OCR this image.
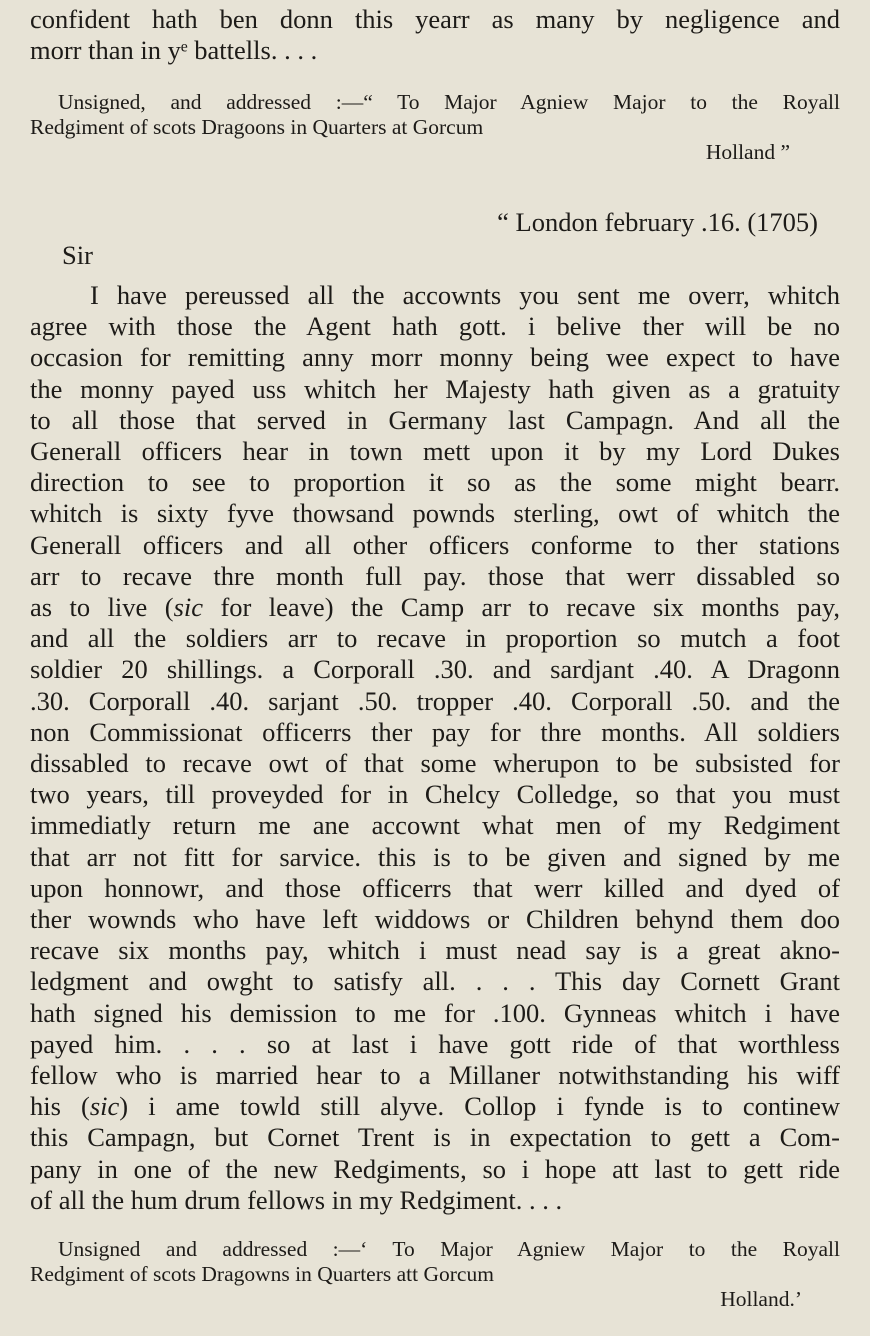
confident hath ben donn this yearr as many by negligence and
morr than in yᵉ battells. . . .
Unsigned, and addressed :—“ To Major Agniew Major to the Royall
Redgiment of scots Dragoons in Quarters at Gorcum
Holland ”
“ London february .16. (1705)
Sir
I have pereussed all the accownts you sent me overr, whitch
agree with those the Agent hath gott. i belive ther will be no
occasion for remitting anny morr monny being wee expect to have
the monny payed uss whitch her Majesty hath given as a gratuity
to all those that served in Germany last Campagn. And all the
Generall officers hear in town mett upon it by my Lord Dukes
direction to see to proportion it so as the some might bearr.
whitch is sixty fyve thowsand pownds sterling, owt of whitch the
Generall officers and all other officers conforme to ther stations
arr to recave thre month full pay. those that werr dissabled so
as to live (sic for leave) the Camp arr to recave six months pay,
and all the soldiers arr to recave in proportion so mutch a foot
soldier 20 shillings. a Corporall .30. and sardjant .40. A Dragonn
.30. Corporall .40. sarjant .50. tropper .40. Corporall .50. and the
non Commissionat officerrs ther pay for thre months. All soldiers
dissabled to recave owt of that some wherupon to be subsisted for
two years, till proveyded for in Chelcy Colledge, so that you must
immediatly return me ane accownt what men of my Redgiment
that arr not fitt for sarvice. this is to be given and signed by me
upon honnowr, and those officerrs that werr killed and dyed of
ther wownds who have left widdows or Children behynd them doo
recave six months pay, whitch i must nead say is a great akno-
ledgment and owght to satisfy all. . . . This day Cornett Grant
hath signed his demission to me for .100. Gynneas whitch i have
payed him. . . . so at last i have gott ride of that worthless
fellow who is married hear to a Millaner notwithstanding his wiff
his (sic) i ame towld still alyve. Collop i fynde is to continew
this Campagn, but Cornet Trent is in expectation to gett a Com-
pany in one of the new Redgiments, so i hope att last to gett ride
of all the hum drum fellows in my Redgiment. . . .
Unsigned and addressed :—‘ To Major Agniew Major to the Royall
Redgiment of scots Dragowns in Quarters att Gorcum
Holland.’
